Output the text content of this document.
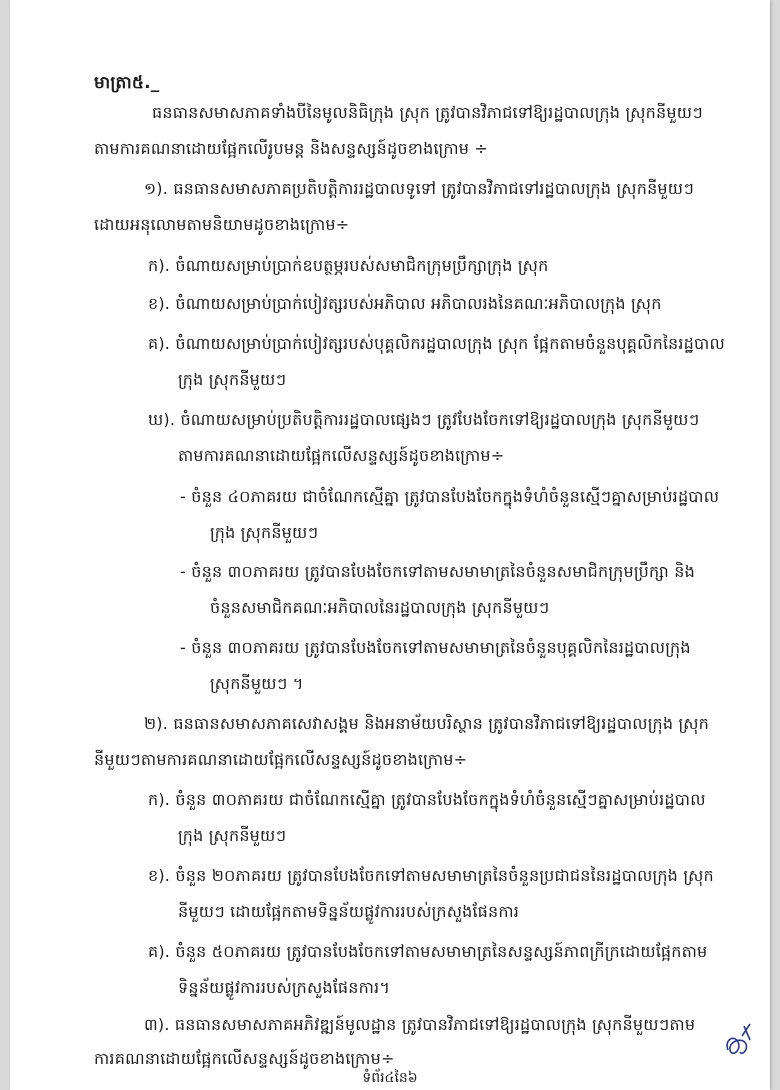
មាត្រា៥._
ធនធានសមាសភាគទាំងបីនៃមូលនិធិក្រុង ស្រុក ត្រូវបានវិភាជទៅឱ្យរដ្ឋបាលក្រុង ស្រុកនីមួយៗ
តាមការគណនាដោយផ្អែកលើរូបមន្ត និងសន្ទស្សន៍ដូចខាងក្រោម ÷
១). ធនធានសមាសភាគប្រតិបត្តិការរដ្ឋបាលទូទៅ ត្រូវបានវិភាជទៅរដ្ឋបាលក្រុង ស្រុកនីមួយៗ
ដោយអនុលោមតាមនិយាមដូចខាងក្រោម÷
ក). ចំណាយសម្រាប់ប្រាក់ឧបត្ថម្ភរបស់សមាជិកក្រុមប្រឹក្សាក្រុង ស្រុក
ខ). ចំណាយសម្រាប់ប្រាក់បៀវត្សរបស់អភិបាល អភិបាលរងនៃគណៈអភិបាលក្រុង ស្រុក
គ). ចំណាយសម្រាប់ប្រាក់បៀវត្សរបស់បុគ្គលិករដ្ឋបាលក្រុង ស្រុក ផ្អែកតាមចំនួនបុគ្គលិកនៃរដ្ឋបាល
ក្រុង ស្រុកនីមួយៗ
ឃ). ចំណាយសម្រាប់ប្រតិបត្តិការរដ្ឋបាលផ្សេងៗ ត្រូវបែងចែកទៅឱ្យរដ្ឋបាលក្រុង ស្រុកនីមួយៗ
តាមការគណនាដោយផ្អែកលើសន្ទស្សន៍ដូចខាងក្រោម÷
- ចំនួន ៤០ភាគរយ ជាចំណែកស្មើគ្នា ត្រូវបានបែងចែកក្នុងទំហំចំនួនស្មើៗគ្នាសម្រាប់រដ្ឋបាល
ក្រុង ស្រុកនីមួយៗ
- ចំនួន ៣០ភាគរយ ត្រូវបានបែងចែកទៅតាមសមាមាត្រនៃចំនួនសមាជិកក្រុមប្រឹក្សា និង
ចំនួនសមាជិកគណៈអភិបាលនៃរដ្ឋបាលក្រុង ស្រុកនីមួយៗ
- ចំនួន ៣០ភាគរយ ត្រូវបានបែងចែកទៅតាមសមាមាត្រនៃចំនួនបុគ្គលិកនៃរដ្ឋបាលក្រុង
ស្រុកនីមួយៗ ។
២). ធនធានសមាសភាគសេវាសង្គម និងអនាម័យបរិស្ថាន ត្រូវបានវិភាជទៅឱ្យរដ្ឋបាលក្រុង ស្រុក
នីមួយៗតាមការគណនាដោយផ្អែកលើសន្ទស្សន៍ដូចខាងក្រោម÷
ក). ចំនួន ៣០ភាគរយ ជាចំណែកស្មើគ្នា ត្រូវបានបែងចែកក្នុងទំហំចំនួនស្មើៗគ្នាសម្រាប់រដ្ឋបាល
ក្រុង ស្រុកនីមួយៗ
ខ). ចំនួន ២០ភាគរយ ត្រូវបានបែងចែកទៅតាមសមាមាត្រនៃចំនួនប្រជាជននៃរដ្ឋបាលក្រុង ស្រុក
នីមួយៗ ដោយផ្អែកតាមទិន្នន័យផ្លូវការរបស់ក្រសួងផែនការ
គ). ចំនួន ៥០ភាគរយ ត្រូវបានបែងចែកទៅតាមសមាមាត្រនៃសន្ទស្សន៍ភាពក្រីក្រដោយផ្អែកតាម
ទិន្នន័យផ្លូវការរបស់ក្រសួងផែនការ។
៣). ធនធានសមាសភាគអភិវឌ្ឍន៍មូលដ្ឋាន ត្រូវបានវិភាជទៅឱ្យរដ្ឋបាលក្រុង ស្រុកនីមួយៗតាម
ការគណនាដោយផ្អែកលើសន្ទស្សន៍ដូចខាងក្រោម÷
ទំព័រ៤នៃ៦
